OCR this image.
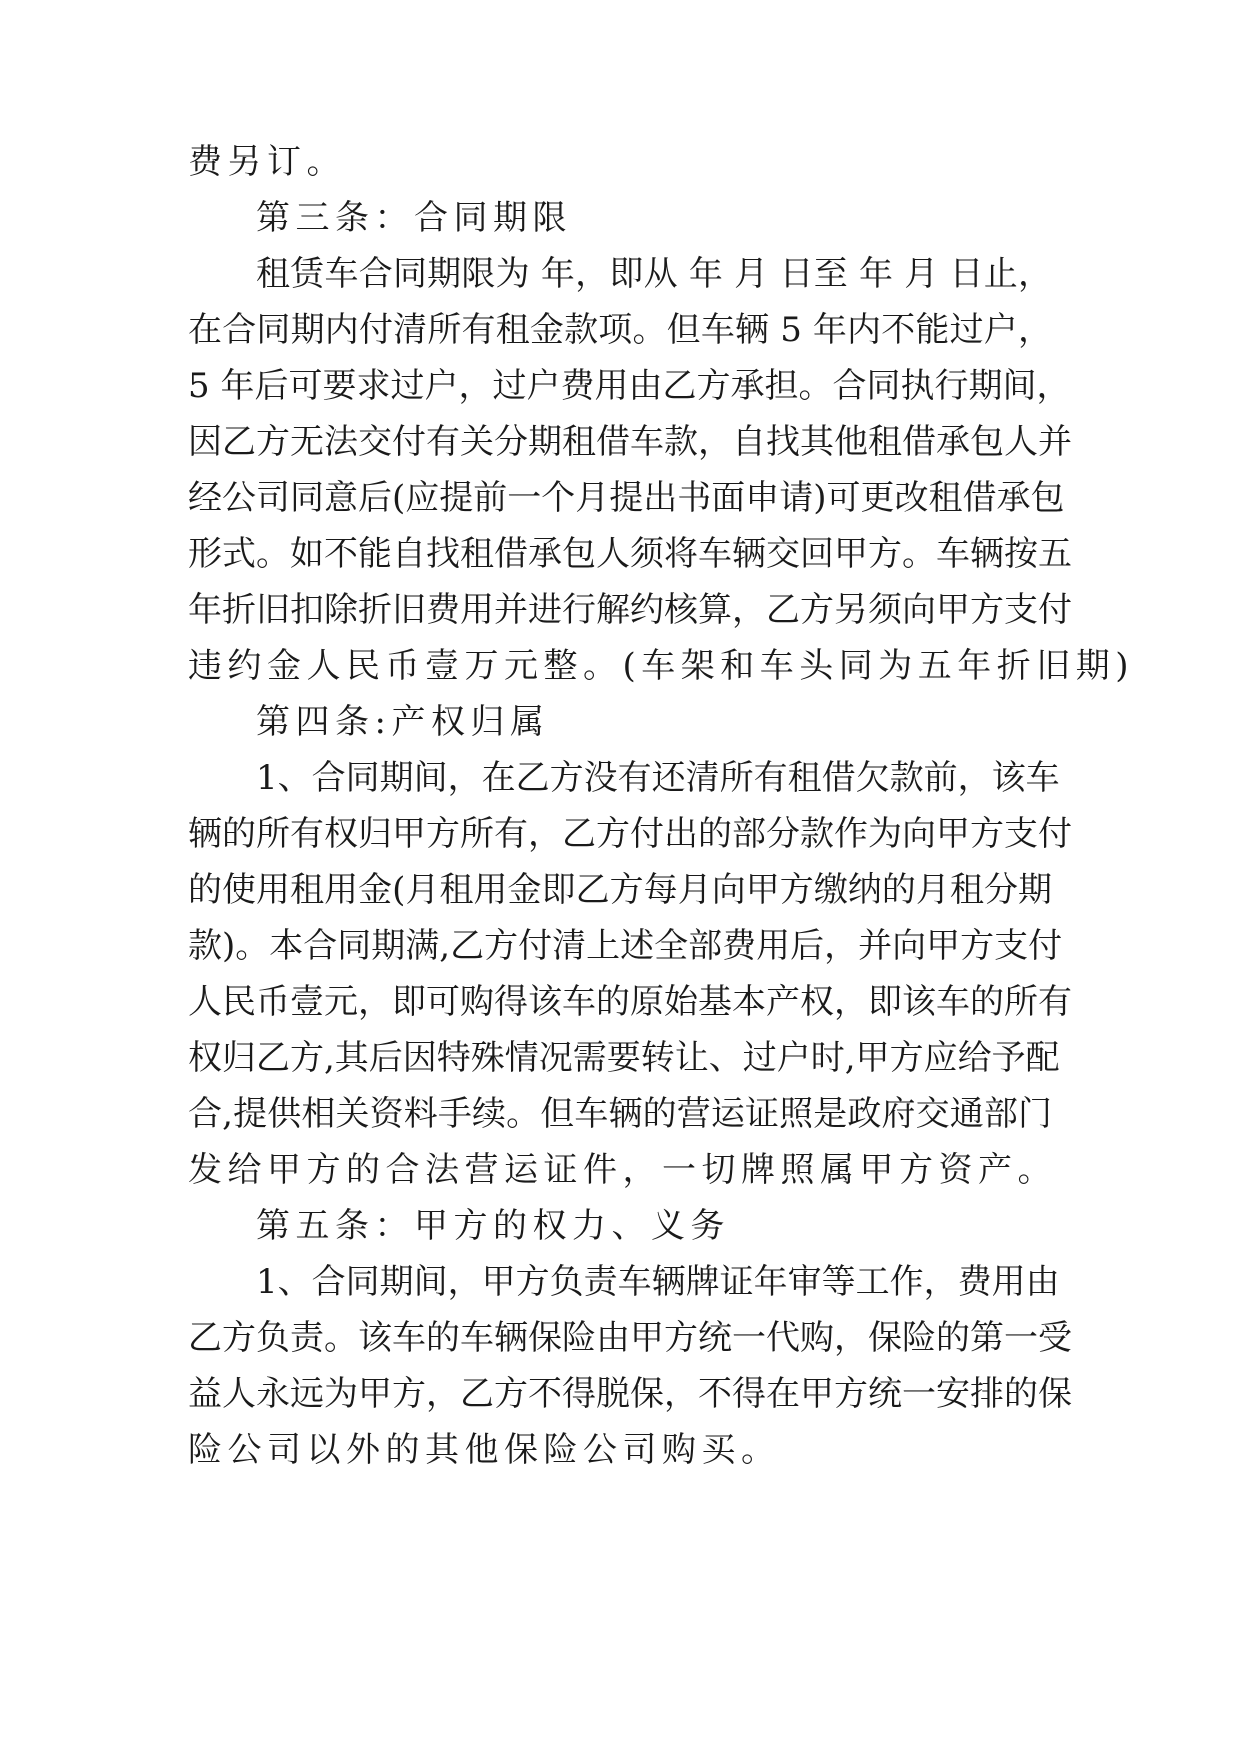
费另订。
第三条：合同期限
租赁车合同期限为 年，即从 年 月 日至 年 月 日止，
在合同期内付清所有租金款项。但车辆 5 年内不能过户，
5 年后可要求过户，过户费用由乙方承担。合同执行期间，
因乙方无法交付有关分期租借车款，自找其他租借承包人并
经公司同意后(应提前一个月提出书面申请)可更改租借承包
形式。如不能自找租借承包人须将车辆交回甲方。车辆按五
年折旧扣除折旧费用并进行解约核算，乙方另须向甲方支付
违约金人民币壹万元整。(车架和车头同为五年折旧期)
第四条:产权归属
1、合同期间，在乙方没有还清所有租借欠款前，该车
辆的所有权归甲方所有，乙方付出的部分款作为向甲方支付
的使用租用金(月租用金即乙方每月向甲方缴纳的月租分期
款)。本合同期满,乙方付清上述全部费用后，并向甲方支付
人民币壹元，即可购得该车的原始基本产权，即该车的所有
权归乙方,其后因特殊情况需要转让、过户时,甲方应给予配
合,提供相关资料手续。但车辆的营运证照是政府交通部门
发给甲方的合法营运证件，一切牌照属甲方资产。
第五条：甲方的权力、义务
1、合同期间，甲方负责车辆牌证年审等工作，费用由
乙方负责。该车的车辆保险由甲方统一代购，保险的第一受
益人永远为甲方，乙方不得脱保，不得在甲方统一安排的保
险公司以外的其他保险公司购买。
